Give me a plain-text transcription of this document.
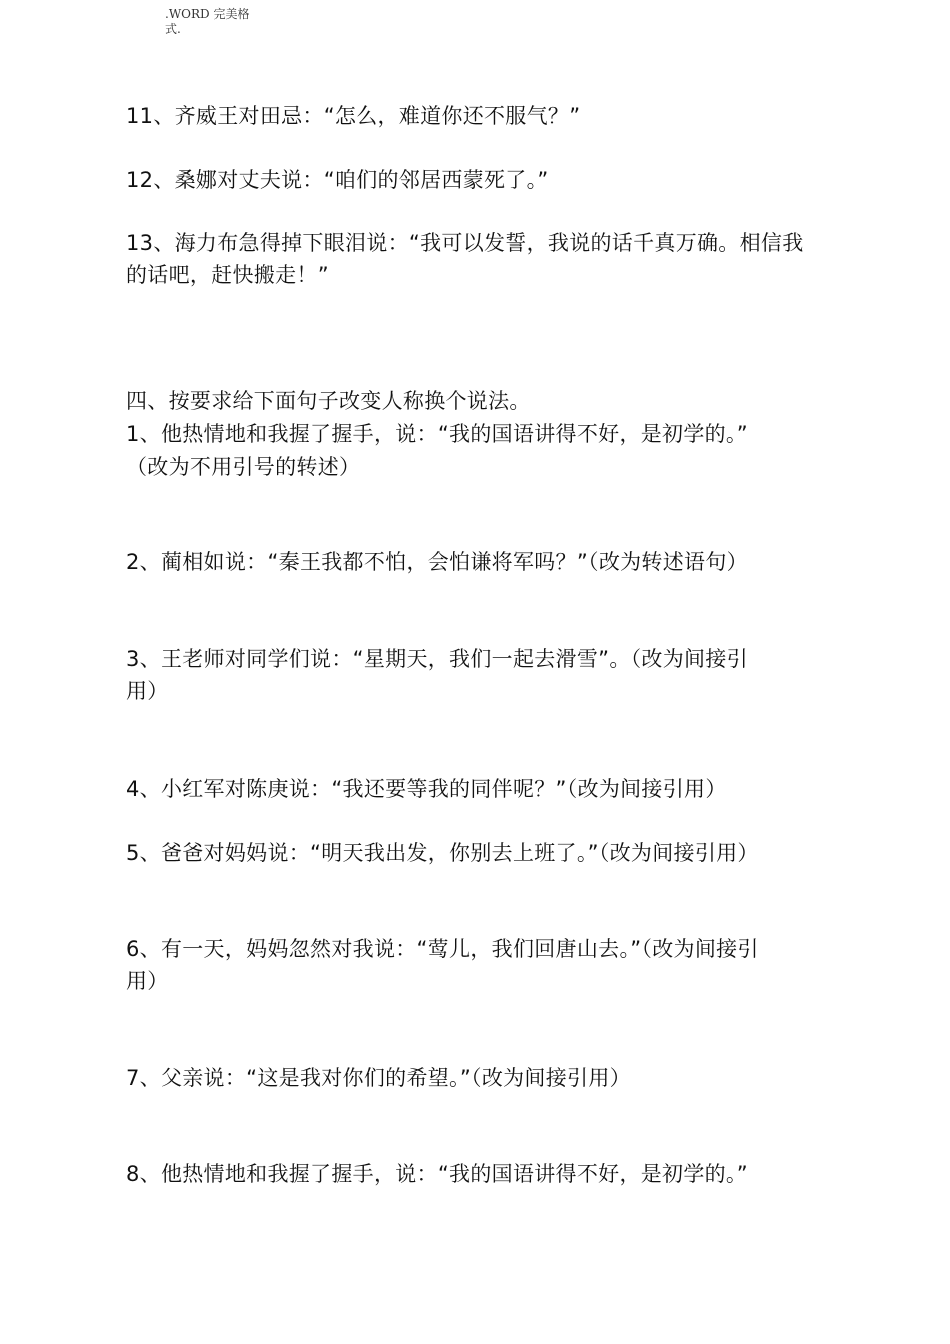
.WORD 完美格
式.

11、齐威王对田忌：“怎么，难道你还不服气？”

12、桑娜对丈夫说：“咱们的邻居西蒙死了。”

13、海力布急得掉下眼泪说：“我可以发誓，我说的话千真万确。相信我

的话吧，赶快搬走！”

四、按要求给下面句子改变人称换个说法。

1、他热情地和我握了握手，说：“我的国语讲得不好，是初学的。”

（改为不用引号的转述）

2、蔺相如说：“秦王我都不怕，会怕谦将军吗？”（改为转述语句）

3、王老师对同学们说：“星期天，我们一起去滑雪”。（改为间接引

用）

4、小红军对陈庚说：“我还要等我的同伴呢？”（改为间接引用）

5、爸爸对妈妈说：“明天我出发，你别去上班了。”（改为间接引用）

6、有一天，妈妈忽然对我说：“莺儿，我们回唐山去。”（改为间接引

用）

7、父亲说：“这是我对你们的希望。”（改为间接引用）

8、他热情地和我握了握手，说：“我的国语讲得不好，是初学的。”
